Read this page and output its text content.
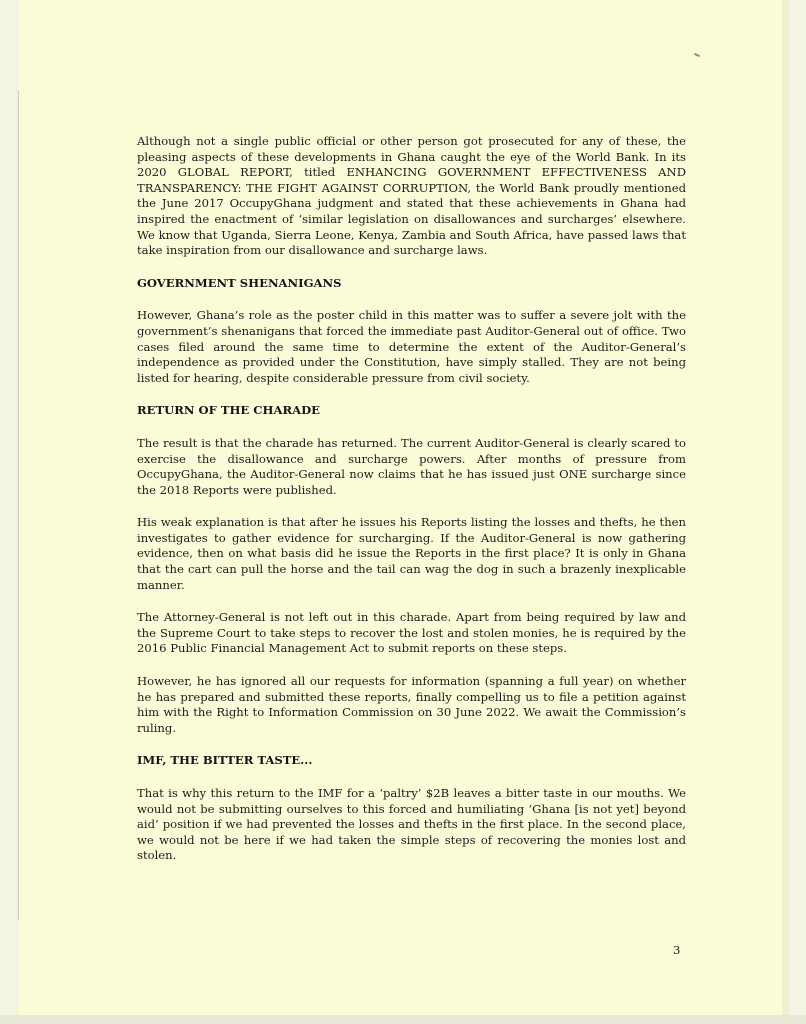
Although not a single public official or other person got prosecuted for any of these, the pleasing aspects of these developments in Ghana caught the eye of the World Bank. In its 2020 GLOBAL REPORT, titled ENHANCING GOVERNMENT EFFECTIVENESS AND TRANSPARENCY: THE FIGHT AGAINST CORRUPTION, the World Bank proudly mentioned the June 2017 OccupyGhana judgment and stated that these achievements in Ghana had inspired the enactment of ‘similar legislation on disallowances and surcharges’ elsewhere. We know that Uganda, Sierra Leone, Kenya, Zambia and South Africa, have passed laws that take inspiration from our disallowance and surcharge laws.

GOVERNMENT SHENANIGANS

However, Ghana’s role as the poster child in this matter was to suffer a severe jolt with the government’s shenanigans that forced the immediate past Auditor-General out of office. Two cases filed around the same time to determine the extent of the Auditor-General’s independence as provided under the Constitution, have simply stalled. They are not being listed for hearing, despite considerable pressure from civil society.

RETURN OF THE CHARADE

The result is that the charade has returned. The current Auditor-General is clearly scared to exercise the disallowance and surcharge powers. After months of pressure from OccupyGhana, the Auditor-General now claims that he has issued just ONE surcharge since the 2018 Reports were published.

His weak explanation is that after he issues his Reports listing the losses and thefts, he then investigates to gather evidence for surcharging. If the Auditor-General is now gathering evidence, then on what basis did he issue the Reports in the first place? It is only in Ghana that the cart can pull the horse and the tail can wag the dog in such a brazenly inexplicable manner.

The Attorney-General is not left out in this charade. Apart from being required by law and the Supreme Court to take steps to recover the lost and stolen monies, he is required by the 2016 Public Financial Management Act to submit reports on these steps.

However, he has ignored all our requests for information (spanning a full year) on whether he has prepared and submitted these reports, finally compelling us to file a petition against him with the Right to Information Commission on 30 June 2022. We await the Commission’s ruling.

IMF, THE BITTER TASTE...

That is why this return to the IMF for a ‘paltry’ $2B leaves a bitter taste in our mouths. We would not be submitting ourselves to this forced and humiliating ‘Ghana [is not yet] beyond aid’ position if we had prevented the losses and thefts in the first place. In the second place, we would not be here if we had taken the simple steps of recovering the monies lost and stolen.

3
